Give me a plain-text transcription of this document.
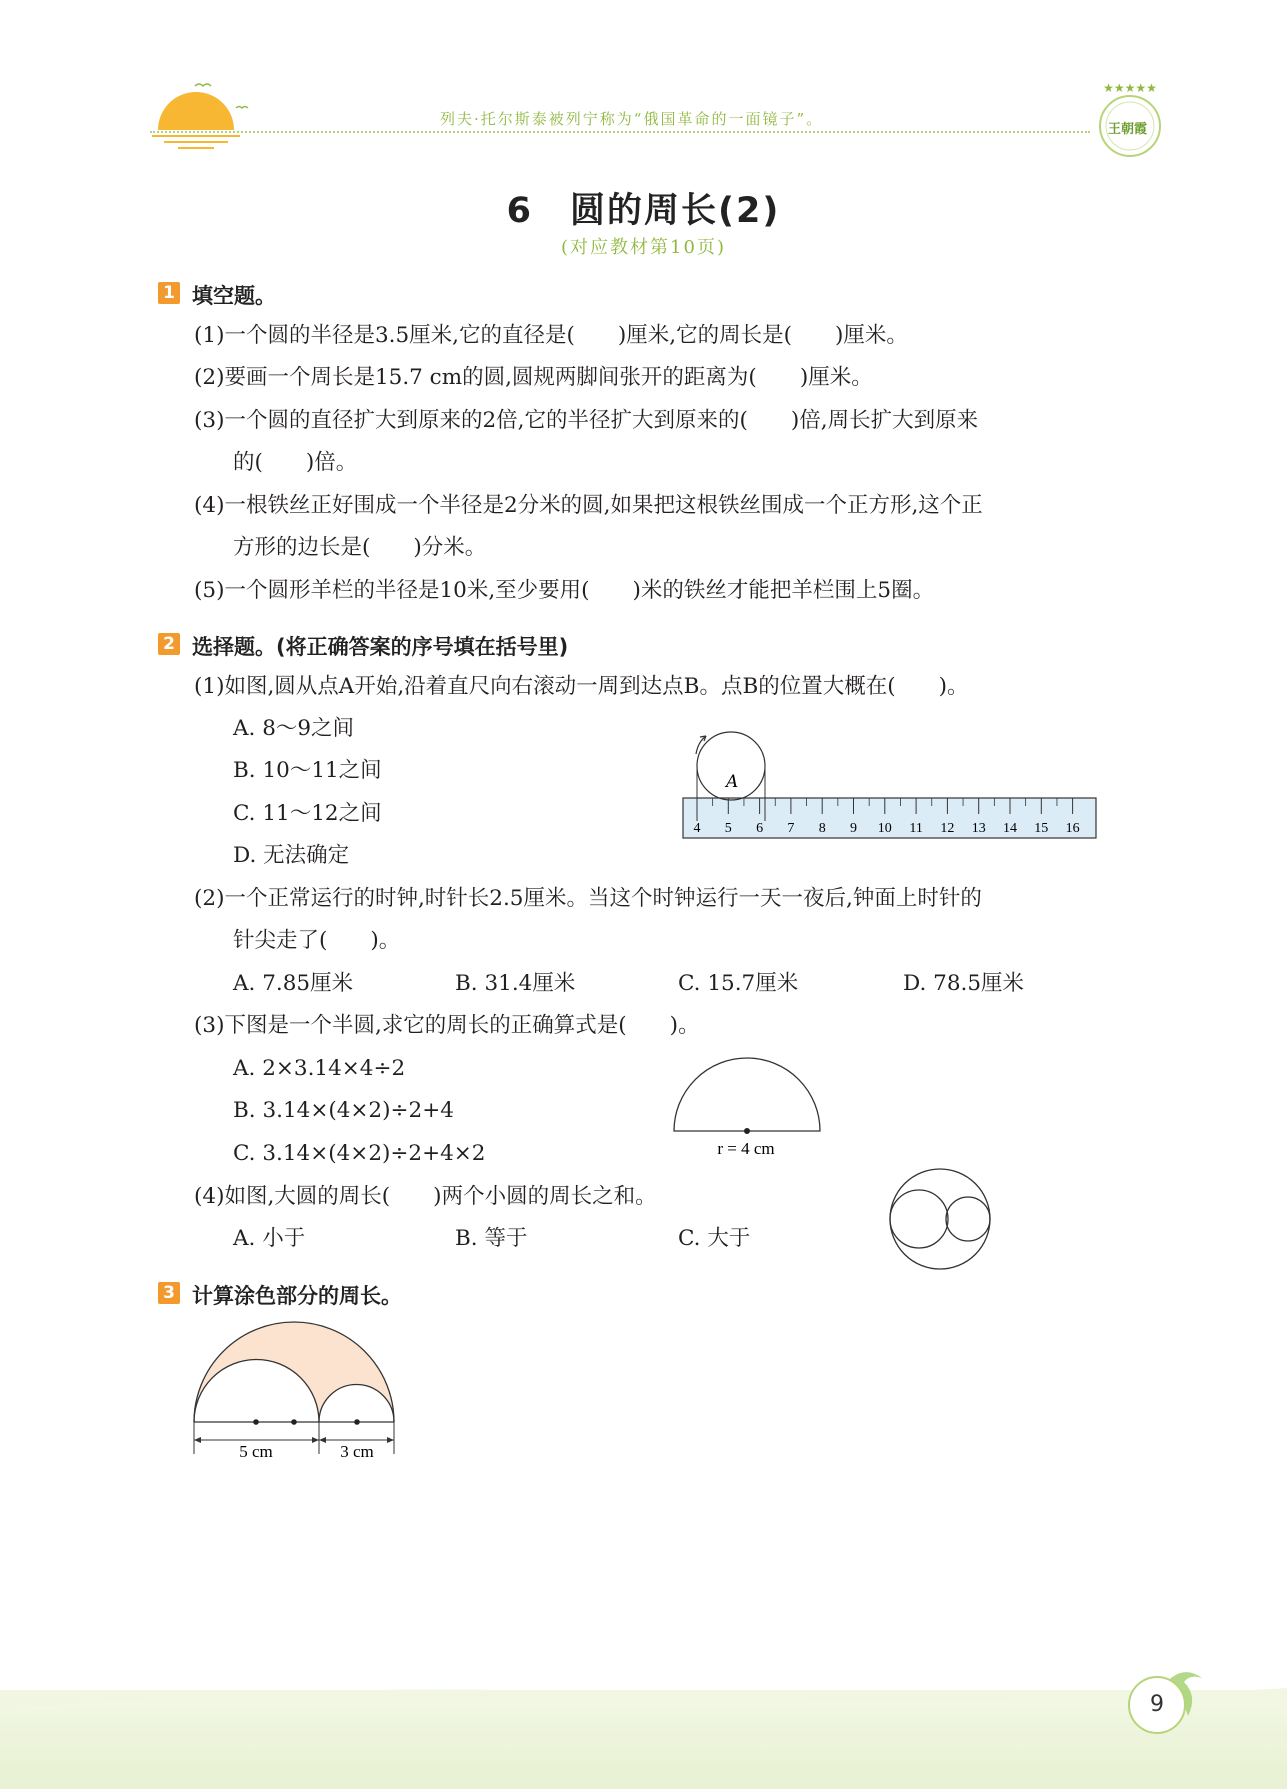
列夫·托尔斯泰被列宁称为“俄国革命的一面镜子”。
★★★★★
王朝霞
6　圆的周长(2)
(对应教材第10页)
1 填空题。
(1)一个圆的半径是3.5厘米,它的直径是(　　)厘米,它的周长是(　　)厘米。
(2)要画一个周长是15.7 cm的圆,圆规两脚间张开的距离为(　　)厘米。
(3)一个圆的直径扩大到原来的2倍,它的半径扩大到原来的(　　)倍,周长扩大到原来
的(　　)倍。
(4)一根铁丝正好围成一个半径是2分米的圆,如果把这根铁丝围成一个正方形,这个正
方形的边长是(　　)分米。
(5)一个圆形羊栏的半径是10米,至少要用(　　)米的铁丝才能把羊栏围上5圈。
2 选择题。(将正确答案的序号填在括号里)
(1)如图,圆从点A开始,沿着直尺向右滚动一周到达点B。点B的位置大概在(　　)。
A. 8～9之间
B. 10～11之间
C. 11～12之间
D. 无法确定
4 5 6 7 8 9 10 11 12 13 14 15 16
A
(2)一个正常运行的时钟,时针长2.5厘米。当这个时钟运行一天一夜后,钟面上时针的
针尖走了(　　)。
A. 7.85厘米	B. 31.4厘米	C. 15.7厘米	D. 78.5厘米
(3)下图是一个半圆,求它的周长的正确算式是(　　)。
A. 2×3.14×4÷2
B. 3.14×(4×2)÷2+4
C. 3.14×(4×2)÷2+4×2	r = 4 cm
(4)如图,大圆的周长(　　)两个小圆的周长之和。
A. 小于	B. 等于	C. 大于
3 计算涂色部分的周长。
5 cm	3 cm
9
